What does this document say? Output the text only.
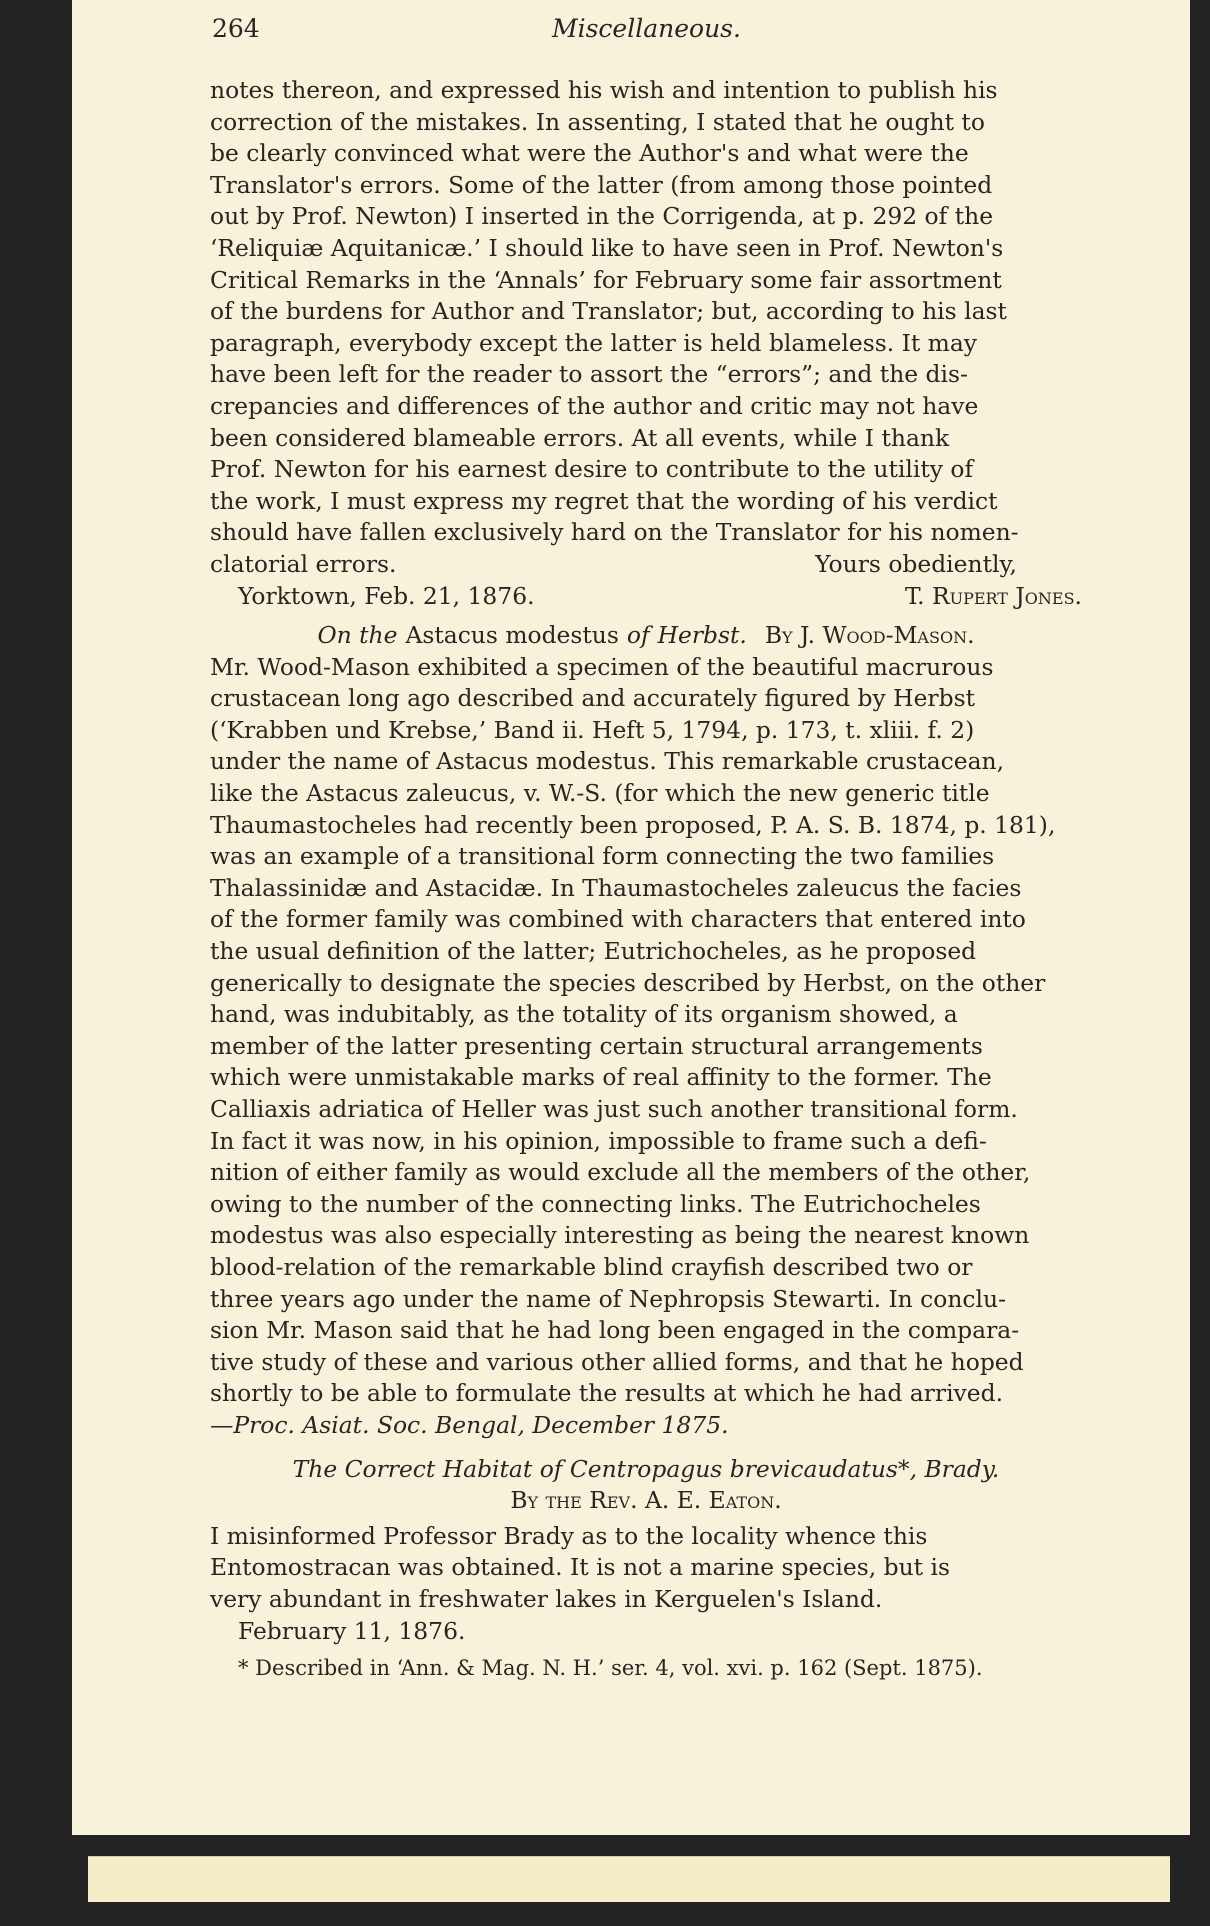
264	Miscellaneous.
notes thereon, and expressed his wish and intention to publish his
correction of the mistakes. In assenting, I stated that he ought to
be clearly convinced what were the Author's and what were the
Translator's errors. Some of the latter (from among those pointed
out by Prof. Newton) I inserted in the Corrigenda, at p. 292 of the
‘Reliquiæ Aquitanicæ.’ I should like to have seen in Prof. Newton's
Critical Remarks in the ‘Annals’ for February some fair assortment
of the burdens for Author and Translator; but, according to his last
paragraph, everybody except the latter is held blameless. It may
have been left for the reader to assort the “errors”; and the dis-
crepancies and differences of the author and critic may not have
been considered blameable errors. At all events, while I thank
Prof. Newton for his earnest desire to contribute to the utility of
the work, I must express my regret that the wording of his verdict
should have fallen exclusively hard on the Translator for his nomen-
clatorial errors.	Yours obediently,
Yorktown, Feb. 21, 1876.	T. Rupert Jones.
On the Astacus modestus of Herbst. By J. Wood-Mason.
Mr. Wood-Mason exhibited a specimen of the beautiful macrurous
crustacean long ago described and accurately figured by Herbst
(‘Krabben und Krebse,’ Band ii. Heft 5, 1794, p. 173, t. xliii. f. 2)
under the name of Astacus modestus. This remarkable crustacean,
like the Astacus zaleucus, v. W.-S. (for which the new generic title
Thaumastocheles had recently been proposed, P. A. S. B. 1874, p. 181),
was an example of a transitional form connecting the two families
Thalassinidæ and Astacidæ. In Thaumastocheles zaleucus the facies
of the former family was combined with characters that entered into
the usual definition of the latter; Eutrichocheles, as he proposed
generically to designate the species described by Herbst, on the other
hand, was indubitably, as the totality of its organism showed, a
member of the latter presenting certain structural arrangements
which were unmistakable marks of real affinity to the former. The
Calliaxis adriatica of Heller was just such another transitional form.
In fact it was now, in his opinion, impossible to frame such a defi-
nition of either family as would exclude all the members of the other,
owing to the number of the connecting links. The Eutrichocheles
modestus was also especially interesting as being the nearest known
blood-relation of the remarkable blind crayfish described two or
three years ago under the name of Nephropsis Stewarti. In conclu-
sion Mr. Mason said that he had long been engaged in the compara-
tive study of these and various other allied forms, and that he hoped
shortly to be able to formulate the results at which he had arrived.
—Proc. Asiat. Soc. Bengal, December 1875.
The Correct Habitat of Centropagus brevicaudatus*, Brady.
By the Rev. A. E. Eaton.
I misinformed Professor Brady as to the locality whence this
Entomostracan was obtained. It is not a marine species, but is
very abundant in freshwater lakes in Kerguelen's Island.
February 11, 1876.
* Described in ‘Ann. & Mag. N. H.’ ser. 4, vol. xvi. p. 162 (Sept. 1875).
